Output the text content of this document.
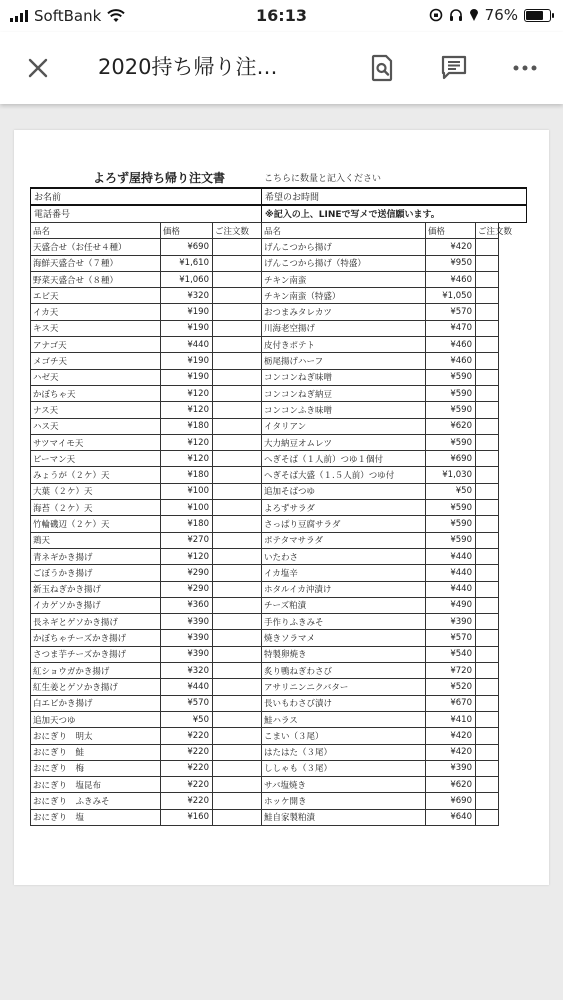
SoftBank	16:13	76%
2020持ち帰り注…
よろず屋持ち帰り注文書	こちらに数量と記入ください
お名前	希望のお時間
電話番号	※記入の上、LINEで写メで送信願います。
品名	価格	ご注文数	品名	価格	ご注文数
天盛合せ（お任せ４種）	¥690		げんこつから揚げ	¥420	
海鮮天盛合せ（７種）	¥1,610		げんこつから揚げ（特盛）	¥950	
野菜天盛合せ（８種）	¥1,060		チキン南蛮	¥460	
エビ天	¥320		チキン南蛮（特盛）	¥1,050	
イカ天	¥190		おつまみタレカツ	¥570	
キス天	¥190		川海老空揚げ	¥470	
アナゴ天	¥440		皮付きポテト	¥460	
メゴチ天	¥190		栃尾揚げハーフ	¥460	
ハゼ天	¥190		コンコンねぎ味噌	¥590	
かぼちゃ天	¥120		コンコンねぎ納豆	¥590	
ナス天	¥120		コンコンふき味噌	¥590	
ハス天	¥180		イタリアン	¥620	
サツマイモ天	¥120		大力納豆オムレツ	¥590	
ピーマン天	¥120		へぎそば（１人前）つゆ１個付	¥690	
みょうが（２ケ）天	¥180		へぎそば大盛（１.５人前）つゆ付	¥1,030	
大葉（２ケ）天	¥100		追加そばつゆ	¥50	
海苔（２ケ）天	¥100		よろずサラダ	¥590	
竹輪磯辺（２ケ）天	¥180		さっぱり豆腐サラダ	¥590	
鶏天	¥270		ポテタマサラダ	¥590	
青ネギかき揚げ	¥120		いたわさ	¥440	
ごぼうかき揚げ	¥290		イカ塩辛	¥440	
新玉ねぎかき揚げ	¥290		ホタルイカ沖漬け	¥440	
イカゲソかき揚げ	¥360		チーズ粕漬	¥490	
長ネギとゲソかき揚げ	¥390		手作りふきみそ	¥390	
かぼちゃチーズかき揚げ	¥390		焼きソラマメ	¥570	
さつま芋チーズかき揚げ	¥390		特製卵焼き	¥540	
紅ショウガかき揚げ	¥320		炙り鴨ねぎわさび	¥720	
紅生姜とゲソかき揚げ	¥440		アサリニンニクバター	¥520	
白エビかき揚げ	¥570		長いもわさび漬け	¥670	
追加天つゆ	¥50		鮭ハラス	¥410	
おにぎり　明太	¥220		こまい（３尾）	¥420	
おにぎり　鮭	¥220		はたはた（３尾）	¥420	
おにぎり　梅	¥220		ししゃも（３尾）	¥390	
おにぎり　塩昆布	¥220		サバ塩焼き	¥620	
おにぎり　ふきみそ	¥220		ホッケ開き	¥690	
おにぎり　塩	¥160		鮭自家製粕漬	¥640	
